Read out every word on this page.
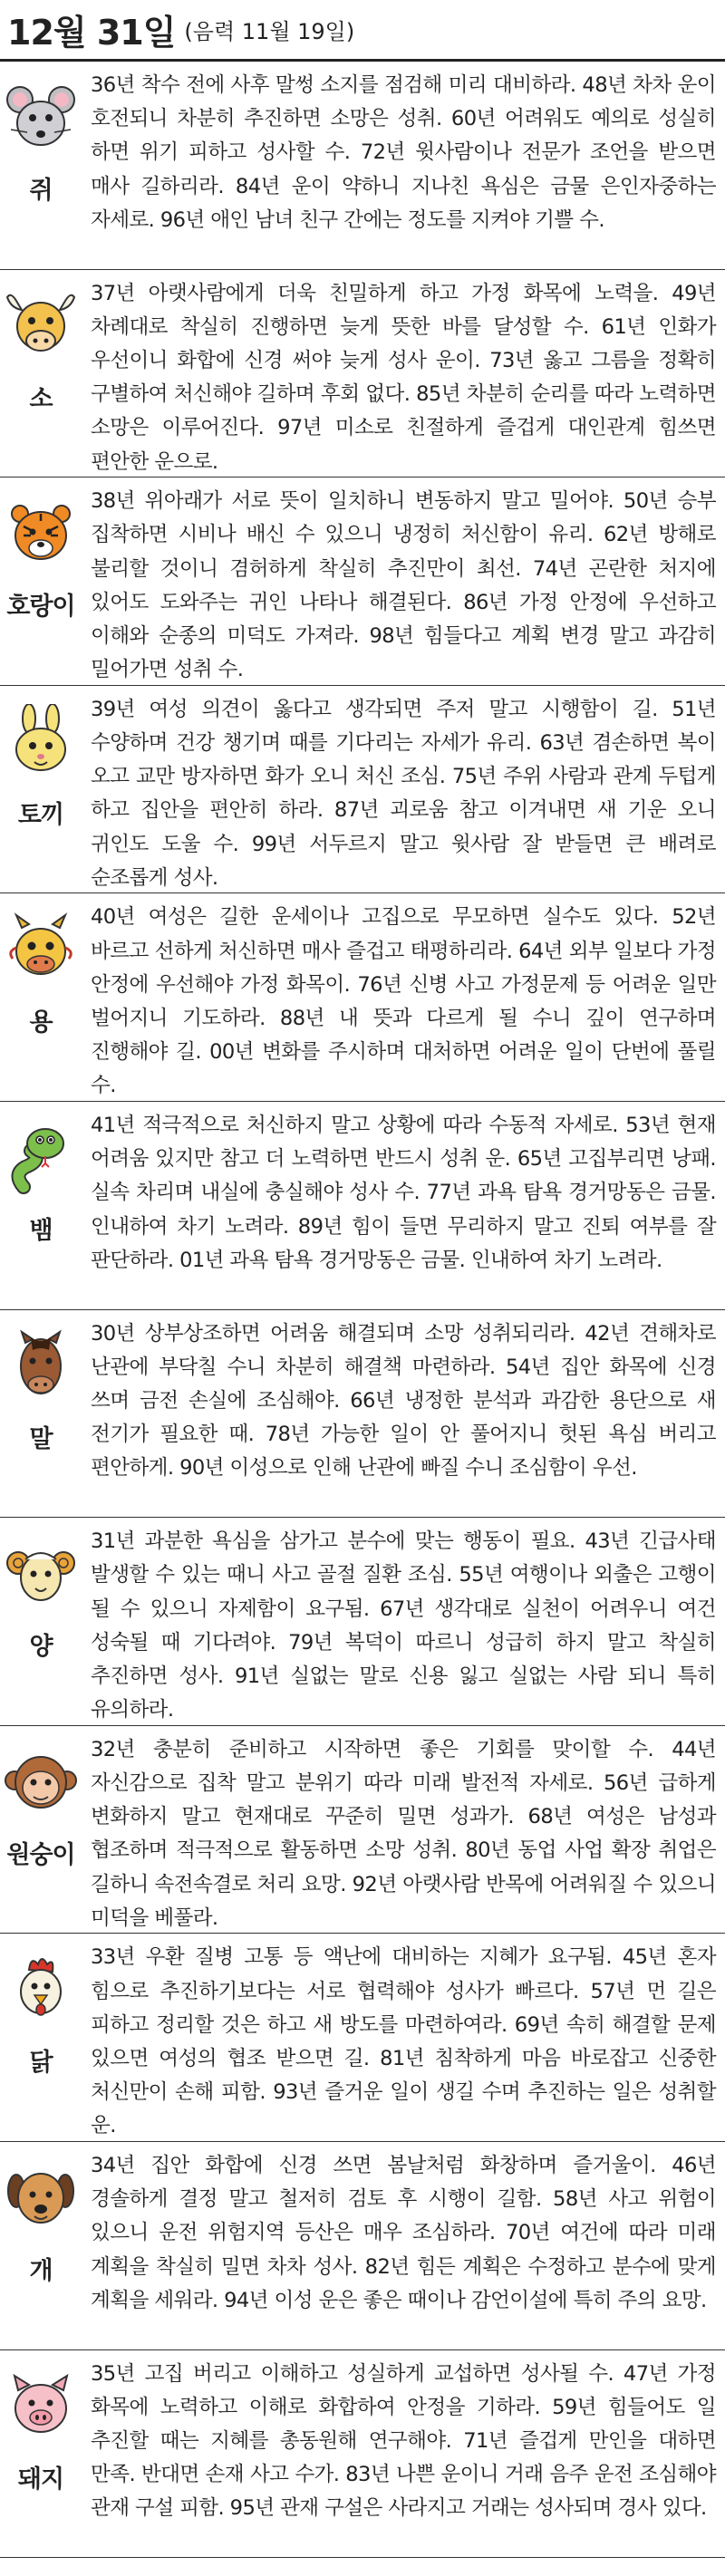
12월 31일 (음력 11월 19일)
쥐
36년 착수 전에 사후 말썽 소지를 점검해 미리 대비하라. 48년 차차 운이 호전되니 차분히 추진하면 소망은 성취. 60년 어려워도 예의로 성실히 하면 위기 피하고 성사할 수. 72년 윗사람이나 전문가 조언을 받으면 매사 길하리라. 84년 운이 약하니 지나친 욕심은 금물 은인자중하는 자세로. 96년 애인 남녀 친구 간에는 정도를 지켜야 기쁠 수.
소
37년 아랫사람에게 더욱 친밀하게 하고 가정 화목에 노력을. 49년 차례대로 착실히 진행하면 늦게 뜻한 바를 달성할 수. 61년 인화가 우선이니 화합에 신경 써야 늦게 성사 운이. 73년 옳고 그름을 정확히 구별하여 처신해야 길하며 후회 없다. 85년 차분히 순리를 따라 노력하면 소망은 이루어진다. 97년 미소로 친절하게 즐겁게 대인관계 힘쓰면 편안한 운으로.
호랑이
38년 위아래가 서로 뜻이 일치하니 변동하지 말고 밀어야. 50년 승부 집착하면 시비나 배신 수 있으니 냉정히 처신함이 유리. 62년 방해로 불리할 것이니 겸허하게 착실히 추진만이 최선. 74년 곤란한 처지에 있어도 도와주는 귀인 나타나 해결된다. 86년 가정 안정에 우선하고 이해와 순종의 미덕도 가져라. 98년 힘들다고 계획 변경 말고 과감히 밀어가면 성취 수.
토끼
39년 여성 의견이 옳다고 생각되면 주저 말고 시행함이 길. 51년 수양하며 건강 챙기며 때를 기다리는 자세가 유리. 63년 겸손하면 복이 오고 교만 방자하면 화가 오니 처신 조심. 75년 주위 사람과 관계 두텁게 하고 집안을 편안히 하라. 87년 괴로움 참고 이겨내면 새 기운 오니 귀인도 도울 수. 99년 서두르지 말고 윗사람 잘 받들면 큰 배려로 순조롭게 성사.
용
40년 여성은 길한 운세이나 고집으로 무모하면 실수도 있다. 52년 바르고 선하게 처신하면 매사 즐겁고 태평하리라. 64년 외부 일보다 가정 안정에 우선해야 가정 화목이. 76년 신병 사고 가정문제 등 어려운 일만 벌어지니 기도하라. 88년 내 뜻과 다르게 될 수니 깊이 연구하며 진행해야 길. 00년 변화를 주시하며 대처하면 어려운 일이 단번에 풀릴 수.
뱀
41년 적극적으로 처신하지 말고 상황에 따라 수동적 자세로. 53년 현재 어려움 있지만 참고 더 노력하면 반드시 성취 운. 65년 고집부리면 낭패. 실속 차리며 내실에 충실해야 성사 수. 77년 과욕 탐욕 경거망동은 금물. 인내하여 차기 노려라. 89년 힘이 들면 무리하지 말고 진퇴 여부를 잘 판단하라. 01년 과욕 탐욕 경거망동은 금물. 인내하여 차기 노려라.
말
30년 상부상조하면 어려움 해결되며 소망 성취되리라. 42년 견해차로 난관에 부닥칠 수니 차분히 해결책 마련하라. 54년 집안 화목에 신경 쓰며 금전 손실에 조심해야. 66년 냉정한 분석과 과감한 용단으로 새 전기가 필요한 때. 78년 가능한 일이 안 풀어지니 헛된 욕심 버리고 편안하게. 90년 이성으로 인해 난관에 빠질 수니 조심함이 우선.
양
31년 과분한 욕심을 삼가고 분수에 맞는 행동이 필요. 43년 긴급사태 발생할 수 있는 때니 사고 골절 질환 조심. 55년 여행이나 외출은 고행이 될 수 있으니 자제함이 요구됨. 67년 생각대로 실천이 어려우니 여건 성숙될 때 기다려야. 79년 복덕이 따르니 성급히 하지 말고 착실히 추진하면 성사. 91년 실없는 말로 신용 잃고 실없는 사람 되니 특히 유의하라.
원숭이
32년 충분히 준비하고 시작하면 좋은 기회를 맞이할 수. 44년 자신감으로 집착 말고 분위기 따라 미래 발전적 자세로. 56년 급하게 변화하지 말고 현재대로 꾸준히 밀면 성과가. 68년 여성은 남성과 협조하며 적극적으로 활동하면 소망 성취. 80년 동업 사업 확장 취업은 길하니 속전속결로 처리 요망. 92년 아랫사람 반목에 어려워질 수 있으니 미덕을 베풀라.
닭
33년 우환 질병 고통 등 액난에 대비하는 지혜가 요구됨. 45년 혼자 힘으로 추진하기보다는 서로 협력해야 성사가 빠르다. 57년 먼 길은 피하고 정리할 것은 하고 새 방도를 마련하여라. 69년 속히 해결할 문제 있으면 여성의 협조 받으면 길. 81년 침착하게 마음 바로잡고 신중한 처신만이 손해 피함. 93년 즐거운 일이 생길 수며 추진하는 일은 성취할 운.
개
34년 집안 화합에 신경 쓰면 봄날처럼 화창하며 즐거울이. 46년 경솔하게 결정 말고 철저히 검토 후 시행이 길함. 58년 사고 위험이 있으니 운전 위험지역 등산은 매우 조심하라. 70년 여건에 따라 미래 계획을 착실히 밀면 차차 성사. 82년 힘든 계획은 수정하고 분수에 맞게 계획을 세워라. 94년 이성 운은 좋은 때이나 감언이설에 특히 주의 요망.
돼지
35년 고집 버리고 이해하고 성실하게 교섭하면 성사될 수. 47년 가정 화목에 노력하고 이해로 화합하여 안정을 기하라. 59년 힘들어도 일 추진할 때는 지혜를 총동원해 연구해야. 71년 즐겁게 만인을 대하면 만족. 반대면 손재 사고 수가. 83년 나쁜 운이니 거래 음주 운전 조심해야 관재 구설 피함. 95년 관재 구설은 사라지고 거래는 성사되며 경사 있다.
